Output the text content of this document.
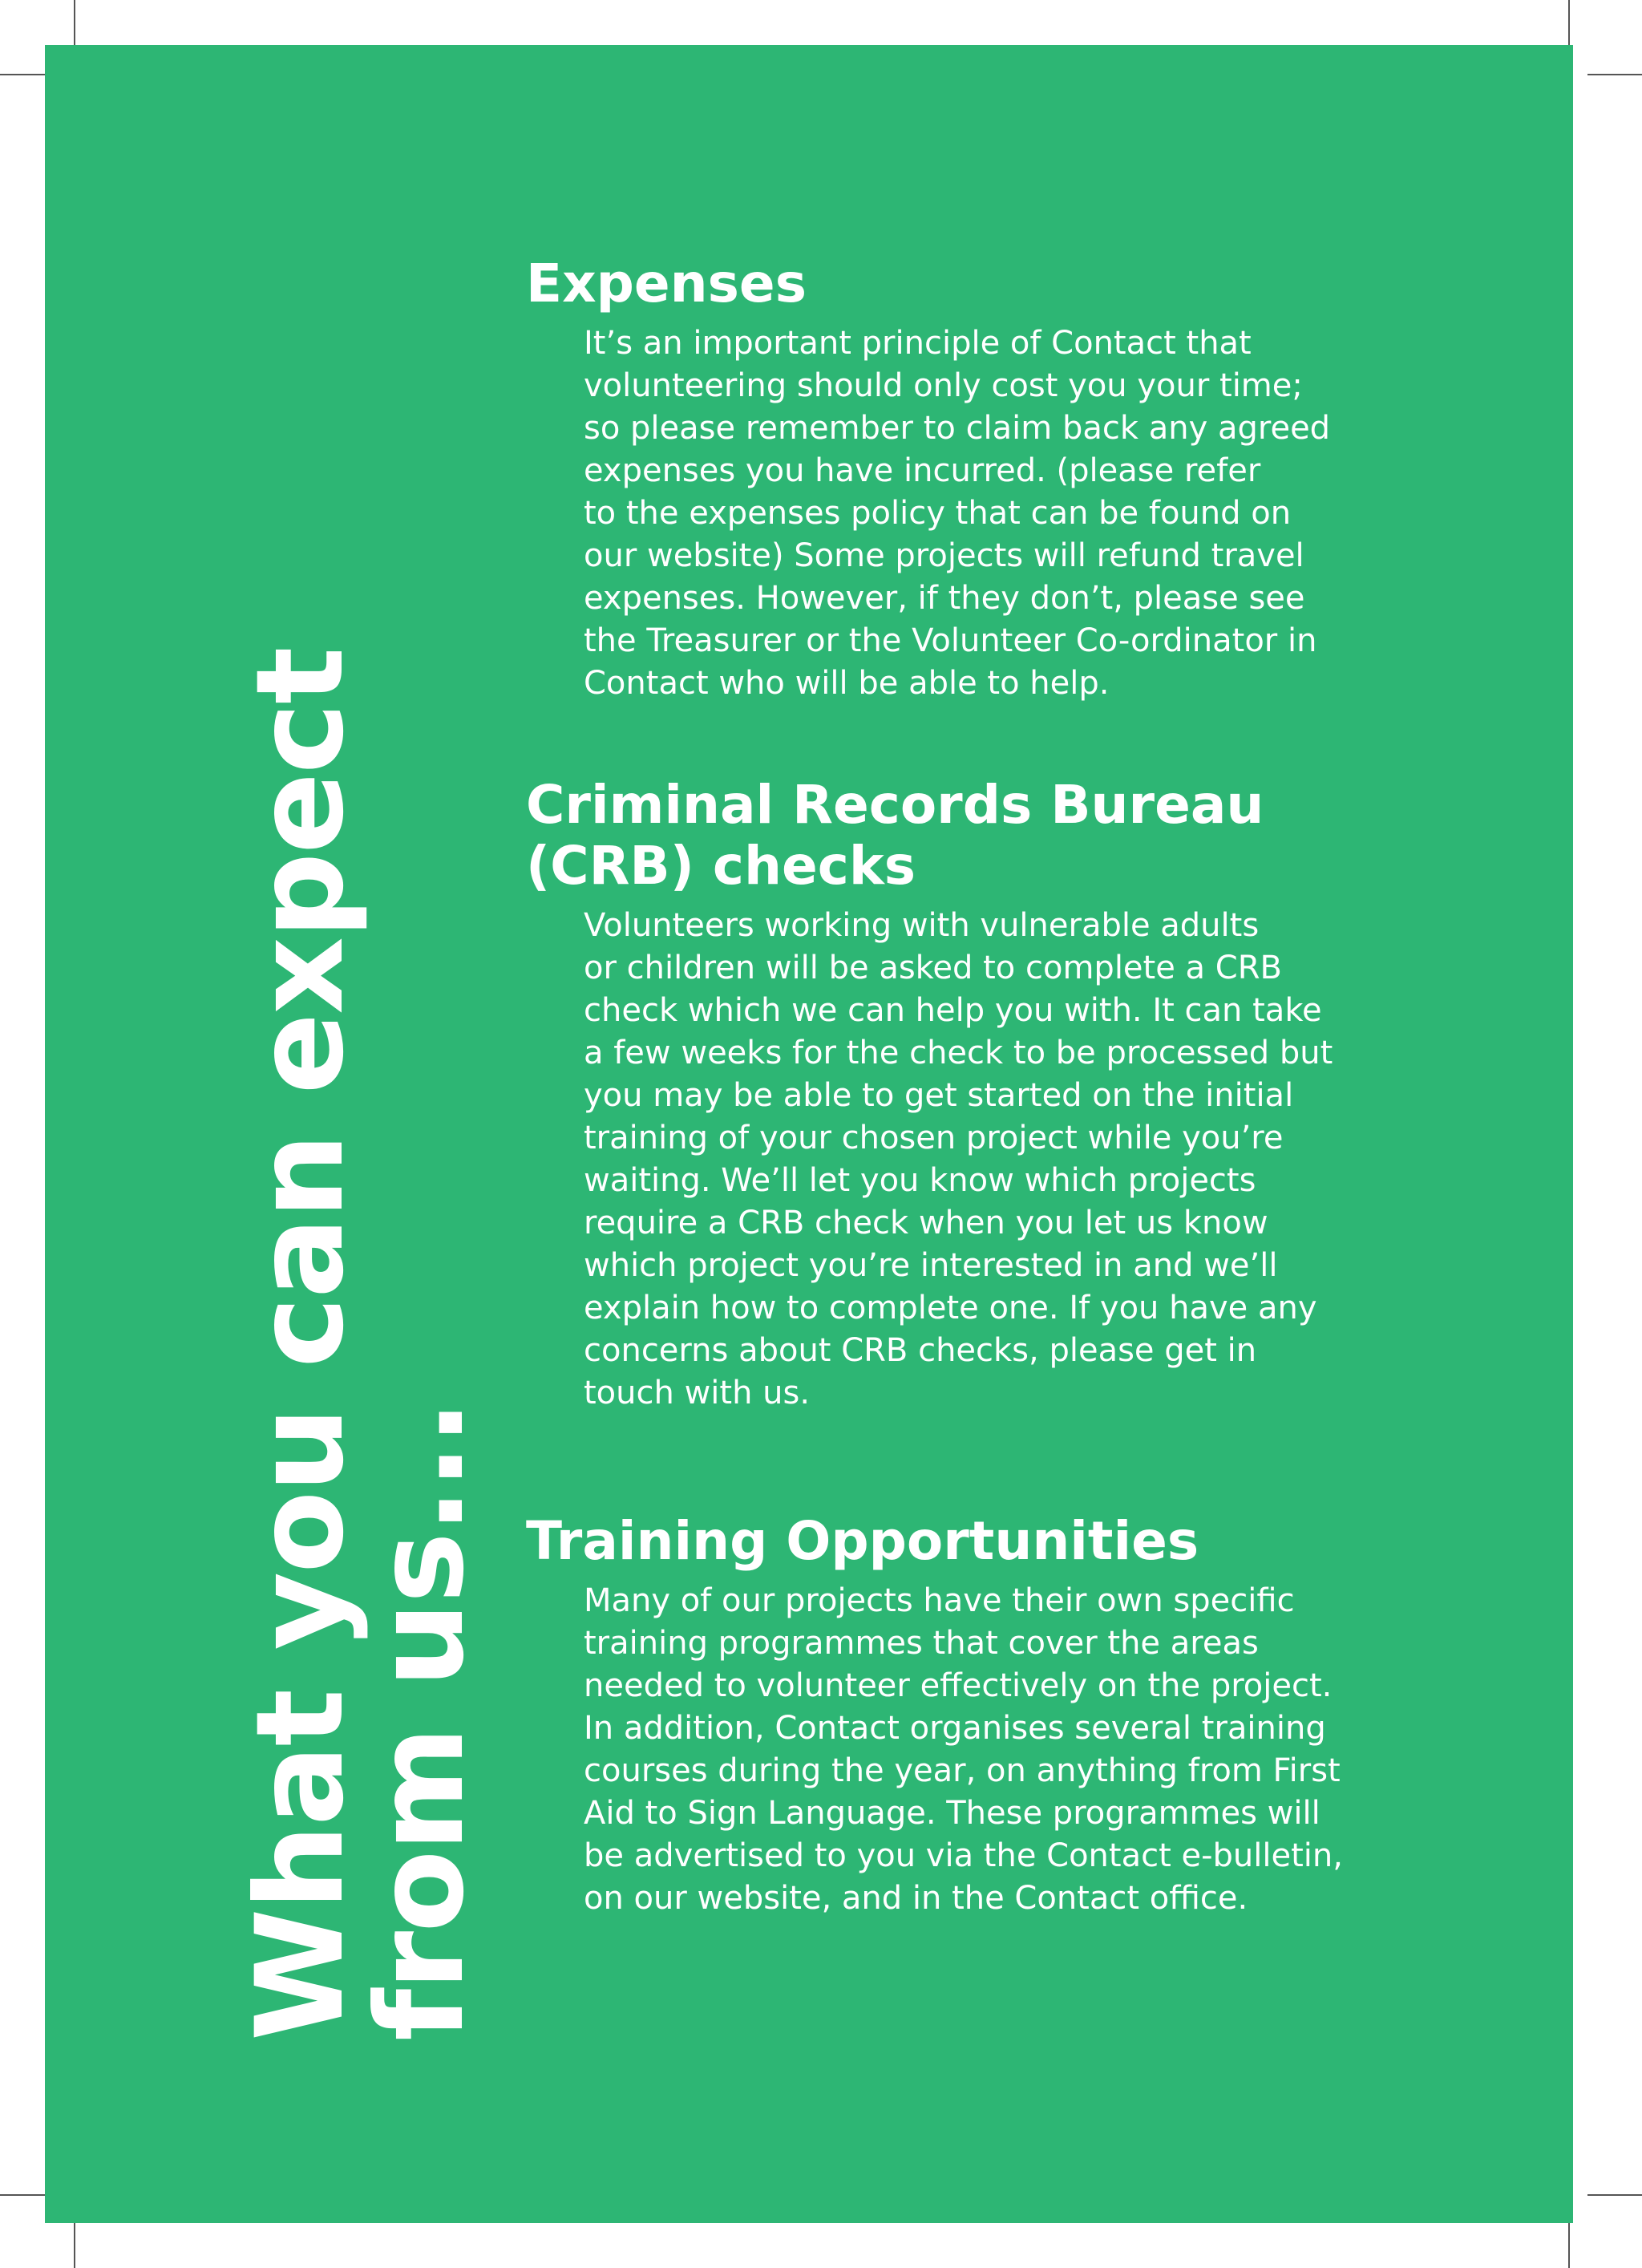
What you can expect
from us...
Expenses
It’s an important principle of Contact that
volunteering should only cost you your time;
so please remember to claim back any agreed
expenses you have incurred. (please refer
to the expenses policy that can be found on
our website) Some projects will refund travel
expenses. However, if they don’t, please see
the Treasurer or the Volunteer Co-ordinator in
Contact who will be able to help.
Criminal Records Bureau
(CRB) checks
Volunteers working with vulnerable adults
or children will be asked to complete a CRB
check which we can help you with. It can take
a few weeks for the check to be processed but
you may be able to get started on the initial
training of your chosen project while you’re
waiting. We’ll let you know which projects
require a CRB check when you let us know
which project you’re interested in and we’ll
explain how to complete one. If you have any
concerns about CRB checks, please get in
touch with us.
Training Opportunities
Many of our projects have their own specific
training programmes that cover the areas
needed to volunteer effectively on the project.
In addition, Contact organises several training
courses during the year, on anything from First
Aid to Sign Language. These programmes will
be advertised to you via the Contact e-bulletin,
on our website, and in the Contact office.
